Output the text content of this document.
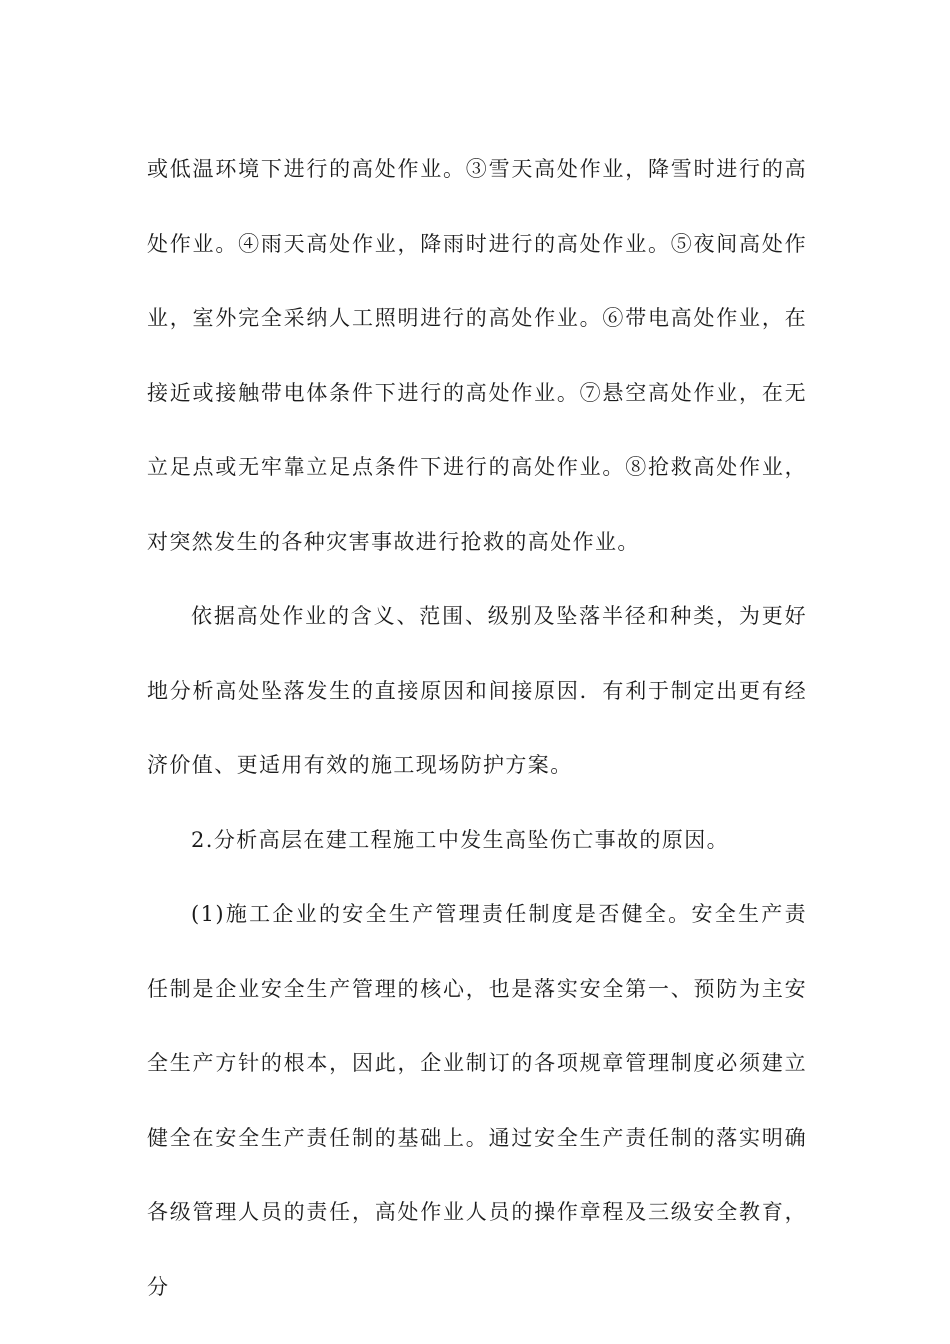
或低温环境下进行的高处作业。③雪天高处作业，降雪时进行的高处作业。④雨天高处作业，降雨时进行的高处作业。⑤夜间高处作业，室外完全采纳人工照明进行的高处作业。⑥带电高处作业，在接近或接触带电体条件下进行的高处作业。⑦悬空高处作业，在无立足点或无牢靠立足点条件下进行的高处作业。⑧抢救高处作业，对突然发生的各种灾害事故进行抢救的高处作业。

依据高处作业的含义、范围、级别及坠落半径和种类，为更好地分析高处坠落发生的直接原因和间接原因．有利于制定出更有经济价值、更适用有效的施工现场防护方案。

2.分析高层在建工程施工中发生高坠伤亡事故的原因。

(1)施工企业的安全生产管理责任制度是否健全。安全生产责任制是企业安全生产管理的核心，也是落实安全第一、预防为主安全生产方针的根本，因此，企业制订的各项规章管理制度必须建立健全在安全生产责任制的基础上。通过安全生产责任制的落实明确各级管理人员的责任，高处作业人员的操作章程及三级安全教育，分
